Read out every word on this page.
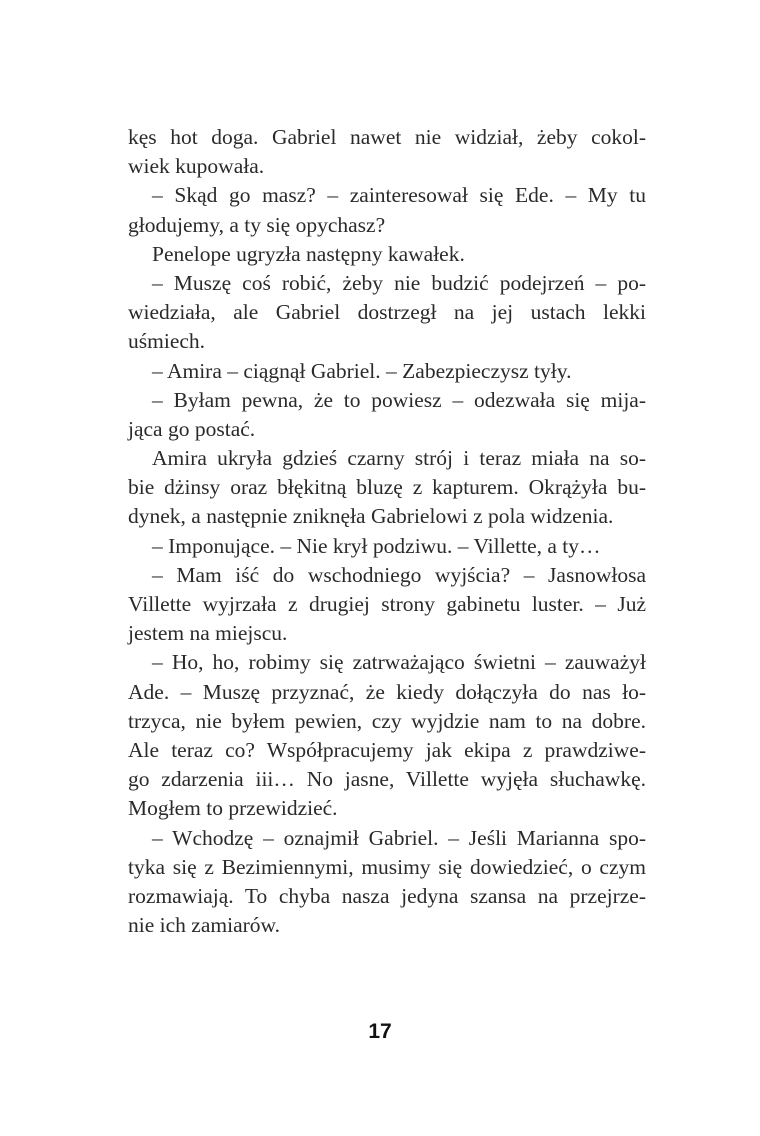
kęs hot doga. Gabriel nawet nie widział, żeby cokol-
wiek kupowała.
– Skąd go masz? – zainteresował się Ede. – My tu
głodujemy, a ty się opychasz?
Penelope ugryzła następny kawałek.
– Muszę coś robić, żeby nie budzić podejrzeń – po-
wiedziała, ale Gabriel dostrzegł na jej ustach lekki
uśmiech.
– Amira – ciągnął Gabriel. – Zabezpieczysz tyły.
– Byłam pewna, że to powiesz – odezwała się mija-
jąca go postać.
Amira ukryła gdzieś czarny strój i teraz miała na so-
bie dżinsy oraz błękitną bluzę z kapturem. Okrążyła bu-
dynek, a następnie zniknęła Gabrielowi z pola widzenia.
– Imponujące. – Nie krył podziwu. – Villette, a ty…
– Mam iść do wschodniego wyjścia? – Jasnowłosa
Villette wyjrzała z drugiej strony gabinetu luster. – Już
jestem na miejscu.
– Ho, ho, robimy się zatrważająco świetni – zauważył
Ade. – Muszę przyznać, że kiedy dołączyła do nas ło-
trzyca, nie byłem pewien, czy wyjdzie nam to na dobre.
Ale teraz co? Współpracujemy jak ekipa z prawdziwe-
go zdarzenia iii… No jasne, Villette wyjęła słuchawkę.
Mogłem to przewidzieć.
– Wchodzę – oznajmił Gabriel. – Jeśli Marianna spo-
tyka się z Bezimiennymi, musimy się dowiedzieć, o czym
rozmawiają. To chyba nasza jedyna szansa na przejrze-
nie ich zamiarów.
17
